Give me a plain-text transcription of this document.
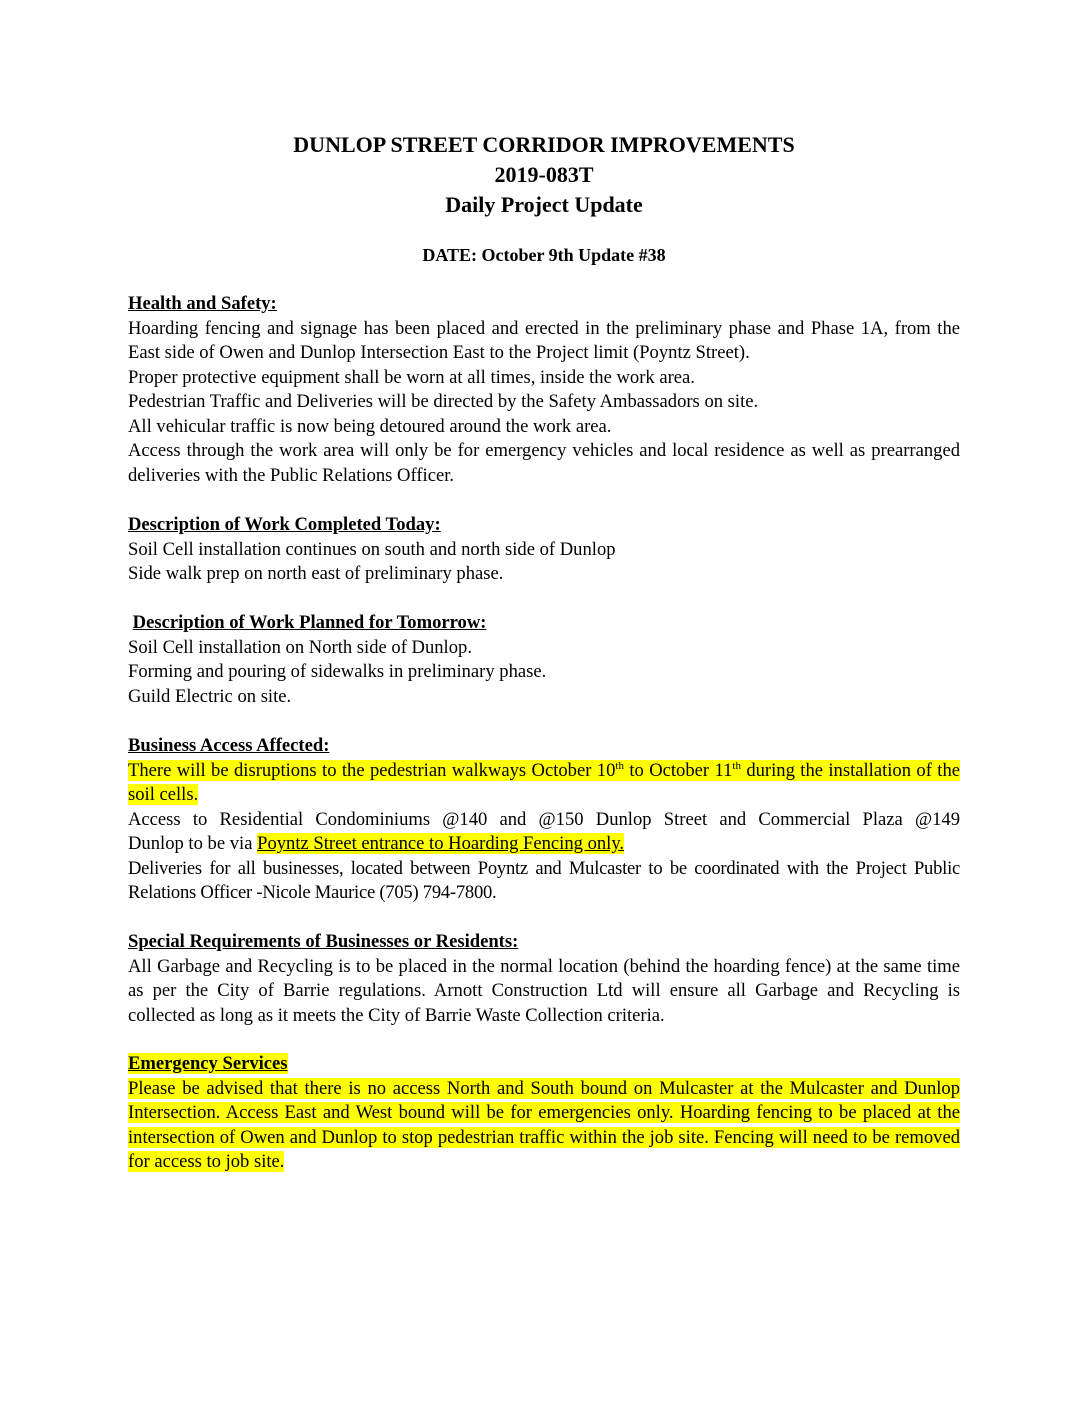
DUNLOP STREET CORRIDOR IMPROVEMENTS
2019-083T
Daily Project Update
DATE: October 9th Update #38

Health and Safety:

Hoarding fencing and signage has been placed and erected in the preliminary phase and Phase 1A, from the East side of Owen and Dunlop Intersection East to the Project limit (Poyntz Street).

Proper protective equipment shall be worn at all times, inside the work area.

Pedestrian Traffic and Deliveries will be directed by the Safety Ambassadors on site.

All vehicular traffic is now being detoured around the work area.

Access through the work area will only be for emergency vehicles and local residence as well as prearranged deliveries with the Public Relations Officer.

Description of Work Completed Today:

Soil Cell installation continues on south and north side of Dunlop

Side walk prep on north east of preliminary phase.

Description of Work Planned for Tomorrow:

Soil Cell installation on North side of Dunlop.

Forming and pouring of sidewalks in preliminary phase.

Guild Electric on site.

Business Access Affected:

There will be disruptions to the pedestrian walkways October 10th to October 11th during the installation of the soil cells.

Access to Residential Condominiums @140 and @150 Dunlop Street and Commercial Plaza @149

Dunlop to be via Poyntz Street entrance to Hoarding Fencing only.

Deliveries for all businesses, located between Poyntz and Mulcaster to be coordinated with the Project Public Relations Officer -Nicole Maurice (705) 794-7800.

Special Requirements of Businesses or Residents:

All Garbage and Recycling is to be placed in the normal location (behind the hoarding fence) at the same time as per the City of Barrie regulations. Arnott Construction Ltd will ensure all Garbage and Recycling is collected as long as it meets the City of Barrie Waste Collection criteria.

Emergency Services

Please be advised that there is no access North and South bound on Mulcaster at the Mulcaster and Dunlop Intersection. Access East and West bound will be for emergencies only. Hoarding fencing to be placed at the intersection of Owen and Dunlop to stop pedestrian traffic within the job site. Fencing will need to be removed for access to job site.
